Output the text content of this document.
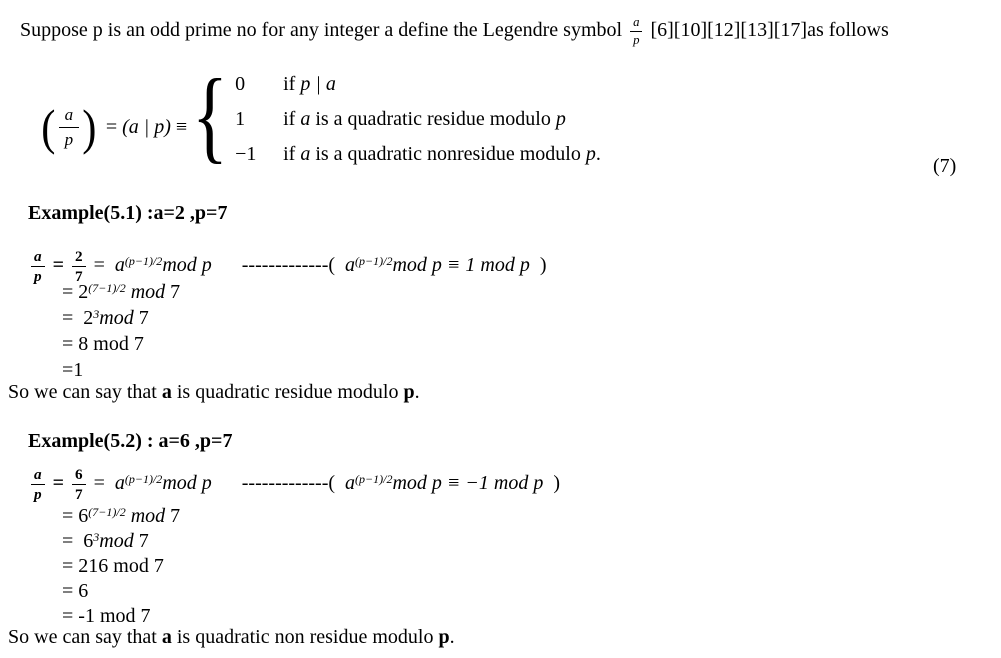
Suppose p is an odd prime no for any integer a define the Legendre symbol $\frac{a}{p} [6][10][12][13][17]as$ follows
( $\frac{a}{p}$ ) = (a | p) ≡ { 0	if p | a
1	if a is a quadratic residue modulo p
−1	if a is a quadratic nonresidue modulo p.
(7)
Example(5.1) :a=2 ,p=7
$\frac{a}{p} = \frac{2}{7} = a^{(p-1)/2}mod$ p      -------------(  $a^{(p-1)/2}mod$ p ≡ 1 mod p  )
= $2^{(7-1)/2}$ mod 7
=  $2^3mod$ 7
= 8 mod 7
=1
So we can say that a is quadratic residue modulo p.
Example(5.2) : a=6 ,p=7
$\frac{a}{p} = \frac{6}{7} = a^{(p-1)/2}mod$ p      -------------(  $a^{(p-1)/2}mod$ p ≡ −1 mod p  )
= $6^{(7-1)/2}$ mod 7
=  $6^3mod$ 7
= 216 mod 7
= 6
= -1 mod 7
So we can say that a is quadratic non residue modulo p.
